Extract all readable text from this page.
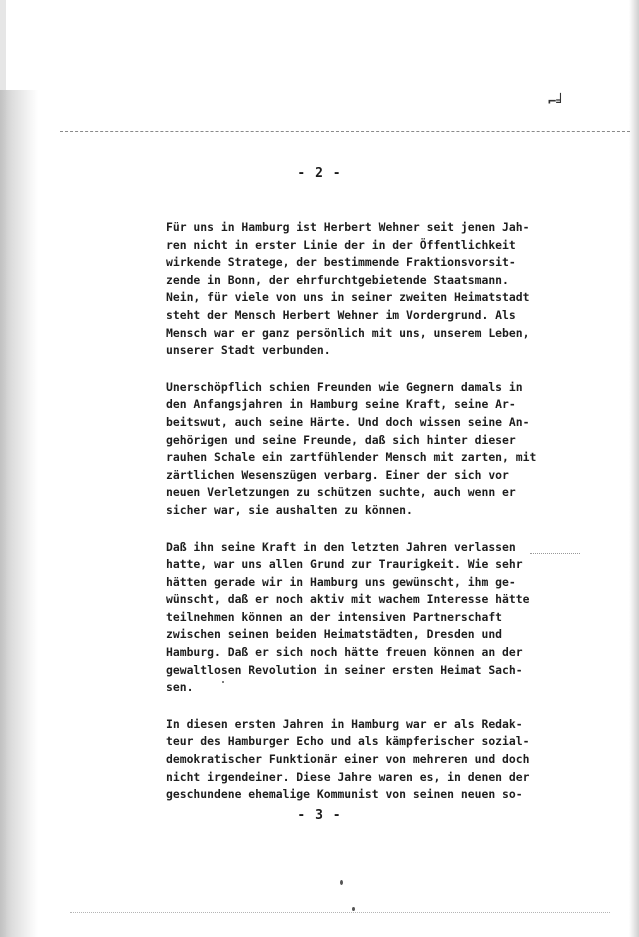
⌐╛
- 2 -
Für uns in Hamburg ist Herbert Wehner seit jenen Jah-
ren nicht in erster Linie der in der Öffentlichkeit
wirkende Stratege, der bestimmende Fraktionsvorsit-
zende in Bonn, der ehrfurchtgebietende Staatsmann.
Nein, für viele von uns in seiner zweiten Heimatstadt
steht der Mensch Herbert Wehner im Vordergrund. Als
Mensch war er ganz persönlich mit uns, unserem Leben,
unserer Stadt verbunden.
Unerschöpflich schien Freunden wie Gegnern damals in
den Anfangsjahren in Hamburg seine Kraft, seine Ar-
beitswut, auch seine Härte. Und doch wissen seine An-
gehörigen und seine Freunde, daß sich hinter dieser
rauhen Schale ein zartfühlender Mensch mit zarten, mit
zärtlichen Wesenszügen verbarg. Einer der sich vor
neuen Verletzungen zu schützen suchte, auch wenn er
sicher war, sie aushalten zu können.
Daß ihn seine Kraft in den letzten Jahren verlassen
hatte, war uns allen Grund zur Traurigkeit. Wie sehr
hätten gerade wir in Hamburg uns gewünscht, ihm ge-
wünscht, daß er noch aktiv mit wachem Interesse hätte
teilnehmen können an der intensiven Partnerschaft
zwischen seinen beiden Heimatstädten, Dresden und
Hamburg. Daß er sich noch hätte freuen können an der
gewaltlosen Revolution in seiner ersten Heimat Sach-
sen.
In diesen ersten Jahren in Hamburg war er als Redak-
teur des Hamburger Echo und als kämpferischer sozial-
demokratischer Funktionär einer von mehreren und doch
nicht irgendeiner. Diese Jahre waren es, in denen der
geschundene ehemalige Kommunist von seinen neuen so-
- 3 -
